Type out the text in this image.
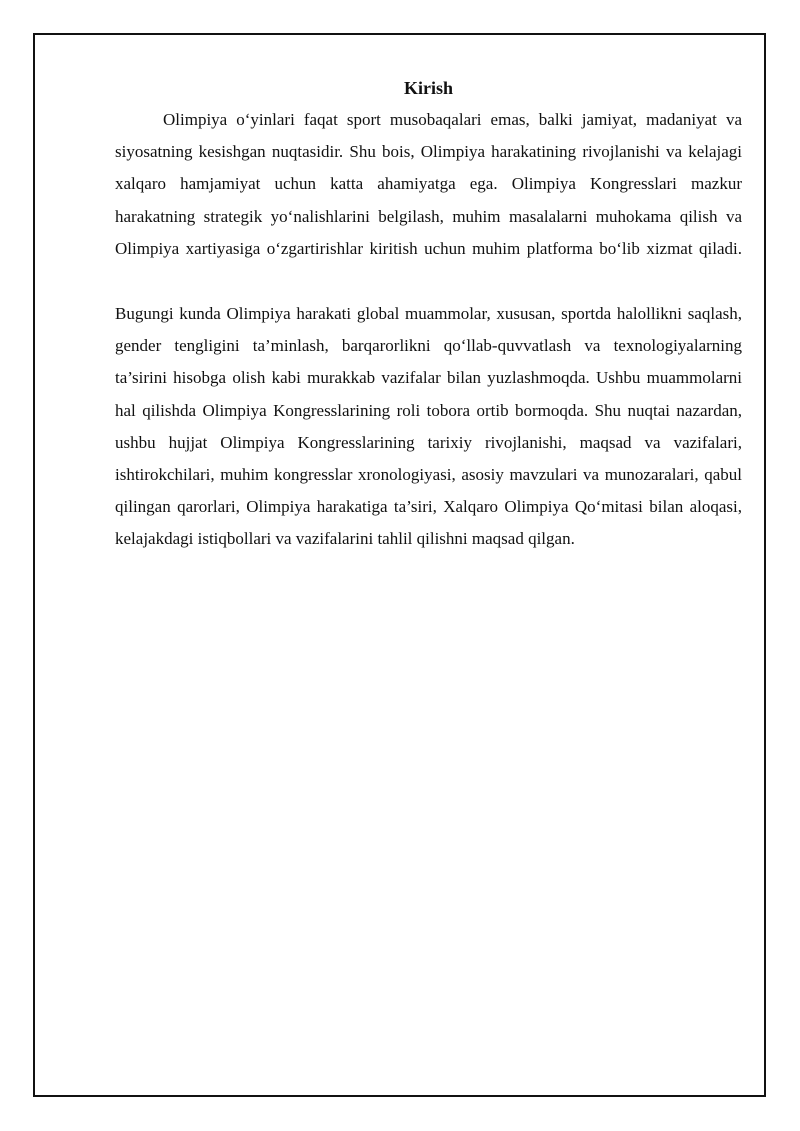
Kirish

Olimpiya o‘yinlari faqat sport musobaqalari emas, balki jamiyat, madaniyat va siyosatning kesishgan nuqtasidir. Shu bois, Olimpiya harakatining rivojlanishi va kelajagi xalqaro hamjamiyat uchun katta ahamiyatga ega. Olimpiya Kongresslari mazkur harakatning strategik yo‘nalishlarini belgilash, muhim masalalarni muhokama qilish va Olimpiya xartiyasiga o‘zgartirishlar kiritish uchun muhim platforma bo‘lib xizmat qiladi.

Bugungi kunda Olimpiya harakati global muammolar, xususan, sportda halollikni saqlash, gender tengligini ta’minlash, barqarorlikni qo‘llab-quvvatlash va texnologiyalarning ta’sirini hisobga olish kabi murakkab vazifalar bilan yuzlashmoqda. Ushbu muammolarni hal qilishda Olimpiya Kongresslarining roli tobora ortib bormoqda. Shu nuqtai nazardan, ushbu hujjat Olimpiya Kongresslarining tarixiy rivojlanishi, maqsad va vazifalari, ishtirokchilari, muhim kongresslar xronologiyasi, asosiy mavzulari va munozaralari, qabul qilingan qarorlari, Olimpiya harakatiga ta’siri, Xalqaro Olimpiya Qo‘mitasi bilan aloqasi, kelajakdagi istiqbollari va vazifalarini tahlil qilishni maqsad qilgan.
